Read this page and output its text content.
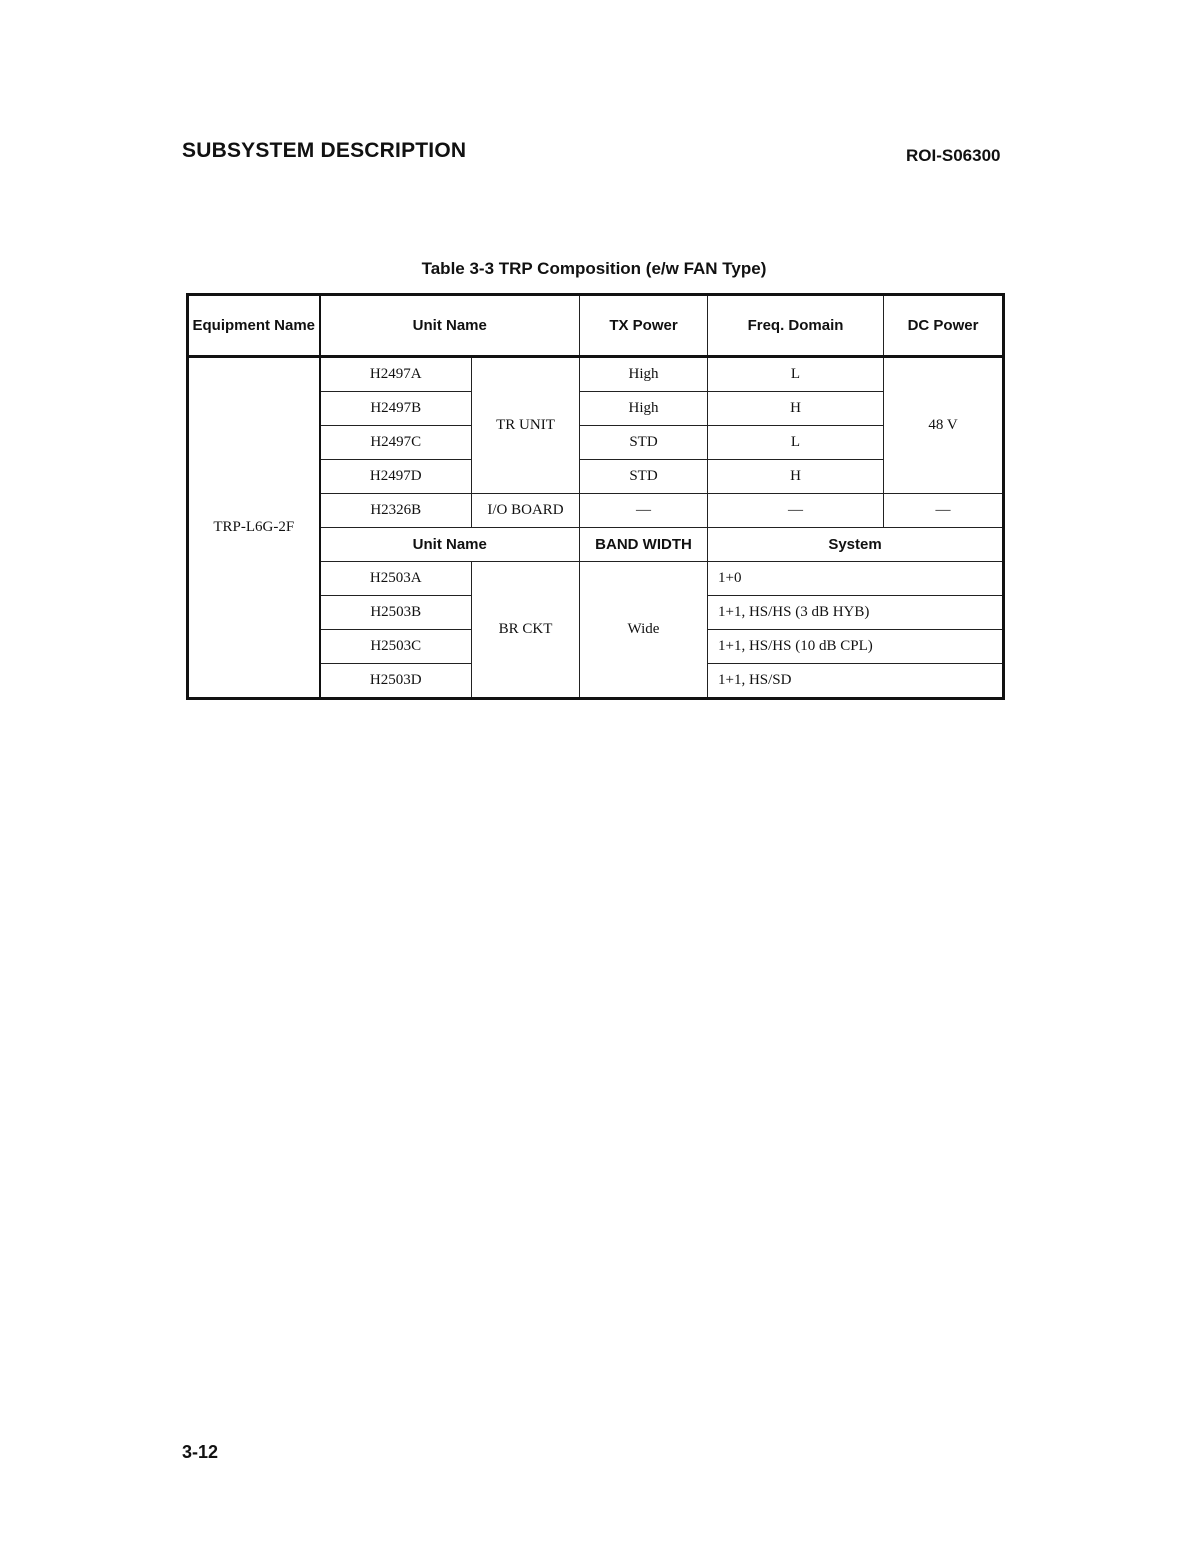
SUBSYSTEM DESCRIPTION	ROI-S06300
Table 3-3 TRP Composition (e/w FAN Type)
Equipment Name	Unit Name		TX Power	Freq. Domain	DC Power
TRP-L6G-2F	H2497A	TR UNIT	High	L	48 V
	H2497B		High	H	
	H2497C		STD	L	
	H2497D		STD	H	
	H2326B	I/O BOARD	—	—	—
	Unit Name		BAND WIDTH	System	
	H2503A	BR CKT	Wide	1+0	
	H2503B			1+1, HS/HS (3 dB HYB)	
	H2503C			1+1, HS/HS (10 dB CPL)	
	H2503D			1+1, HS/SD	
3-12
